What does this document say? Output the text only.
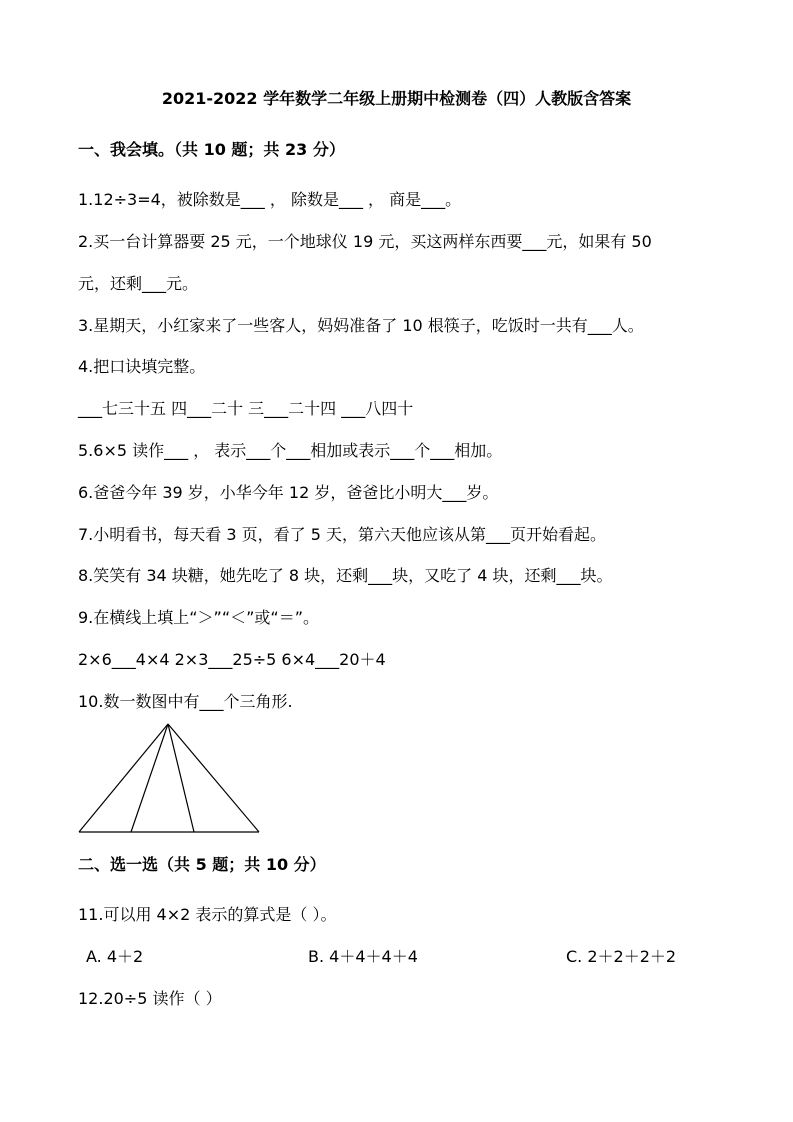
2021-2022 学年数学二年级上册期中检测卷（四）人教版含答案
一、我会填。（共 10 题；共 23 分）
1.12÷3=4，被除数是___ ， 除数是___ ， 商是___。
2.买一台计算器要 25 元，一个地球仪 19 元，买这两样东西要___元，如果有 50
元，还剩___元。
3.星期天，小红家来了一些客人，妈妈准备了 10 根筷子，吃饭时一共有___人。
4.把口诀填完整。
___七三十五 四___二十 三___二十四 ___八四十
5.6×5 读作___ ， 表示___个___相加或表示___个___相加。
6.爸爸今年 39 岁，小华今年 12 岁，爸爸比小明大___岁。
7.小明看书，每天看 3 页，看了 5 天，第六天他应该从第___页开始看起。
8.笑笑有 34 块糖，她先吃了 8 块，还剩___块，又吃了 4 块，还剩___块。
9.在横线上填上“＞”“＜”或“＝”。
2×6___4×4 2×3___25÷5 6×4___20＋4
10.数一数图中有___个三角形.
二、选一选（共 5 题；共 10 分）
11.可以用 4×2 表示的算式是（ ）。
A. 4＋2	B. 4＋4＋4＋4	C. 2＋2＋2＋2
12.20÷5 读作（ ）
